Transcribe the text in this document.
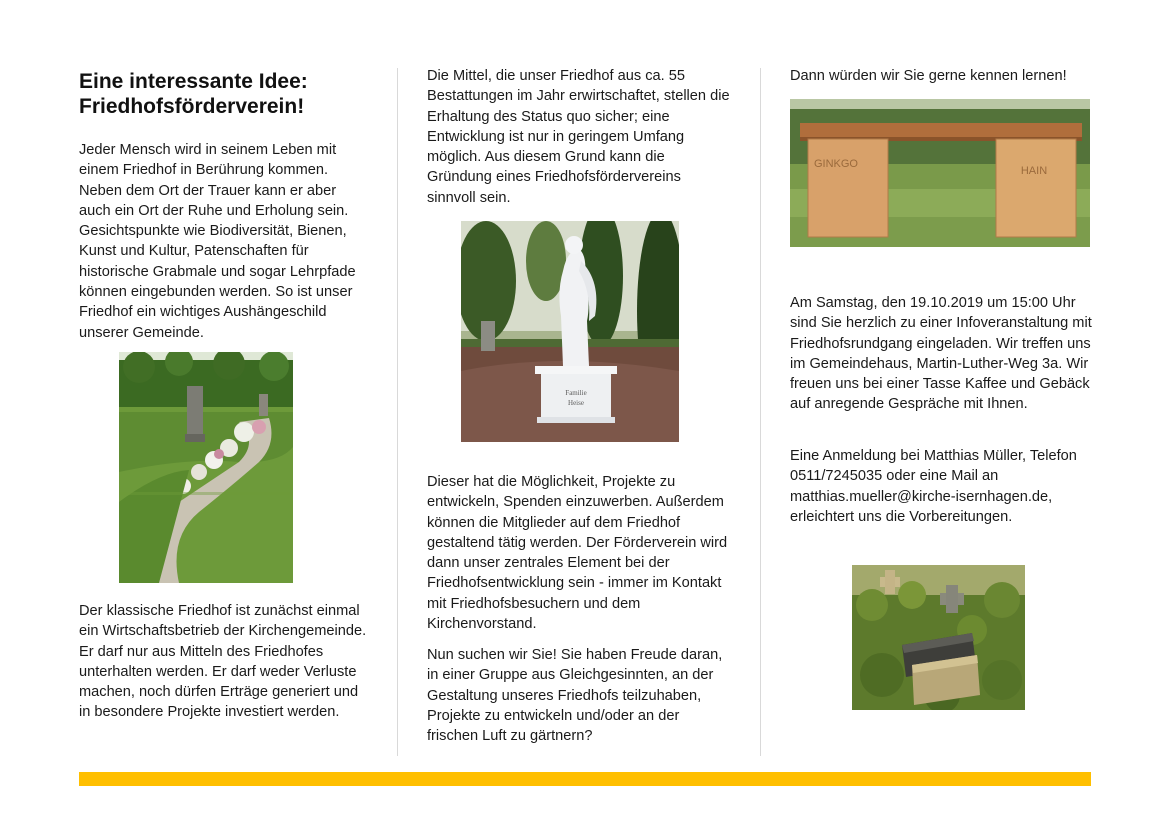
Eine interessante Idee:
Friedhofsförderverein!

Jeder Mensch wird in seinem Leben mit einem Friedhof in Berührung kommen. Neben dem Ort der Trauer kann er aber auch ein Ort der Ruhe und Erholung sein. Gesichtspunkte wie Biodiversität, Bienen, Kunst und Kultur, Patenschaften für historische Grabmale und sogar Lehrpfade können eingebunden werden. So ist unser Friedhof ein wichtiges Aushängeschild unserer Gemeinde.

Der klassische Friedhof ist zunächst einmal ein Wirtschaftsbetrieb der Kirchengemeinde. Er darf nur aus Mitteln des Friedhofes unterhalten werden. Er darf weder Verluste machen, noch dürfen Erträge generiert und in besondere Projekte investiert werden.

Die Mittel, die unser Friedhof aus ca. 55 Bestattungen im Jahr erwirtschaftet, stellen die Erhaltung des Status quo sicher; eine Entwicklung ist nur in geringem Umfang möglich. Aus diesem Grund kann die Gründung eines Friedhofsfördervereins sinnvoll sein.

Familie
Heise

Dieser hat die Möglichkeit, Projekte zu entwickeln, Spenden einzuwerben. Außerdem können die Mitglieder auf dem Friedhof gestaltend tätig werden. Der Förderverein wird dann unser zentrales Element bei der Friedhofsentwicklung sein - immer im Kontakt mit Friedhofsbesuchern und dem Kirchenvorstand.

Nun suchen wir Sie! Sie haben Freude daran, in einer Gruppe aus Gleichgesinnten, an der Gestaltung unseres Friedhofs teilzuhaben, Projekte zu entwickeln und/oder an der frischen Luft zu gärtnern?

Dann würden wir Sie gerne kennen lernen!

GINKGO
HAIN

Am Samstag, den 19.10.2019 um 15:00 Uhr sind Sie herzlich zu einer Infoveranstaltung mit Friedhofsrundgang eingeladen. Wir treffen uns im Gemeindehaus, Martin-Luther-Weg 3a. Wir freuen uns bei einer Tasse Kaffee und Gebäck auf anregende Gespräche mit Ihnen.

Eine Anmeldung bei Matthias Müller, Telefon 0511/7245035 oder eine Mail an matthias.mueller@kirche-isernhagen.de, erleichtert uns die Vorbereitungen.
